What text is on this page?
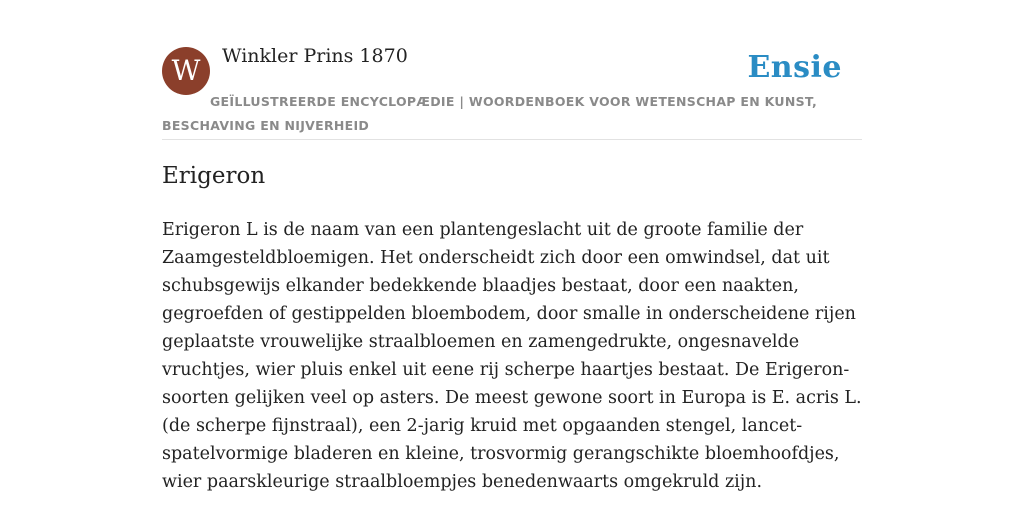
W	Winkler Prins 1870	Ensie
GEÏLLUSTREERDE ENCYCLOPÆDIE | WOORDENBOEK VOOR WETENSCHAP EN KUNST, BESCHAVING EN NIJVERHEID
Erigeron

Erigeron L is de naam van een plantengeslacht uit de groote familie der Zaamgesteldbloemigen. Het onderscheidt zich door een omwindsel, dat uit schubsgewijs elkander bedekkende blaadjes bestaat, door een naakten, gegroefden of gestippelden bloembodem, door smalle in onderscheidene rijen geplaatste vrouwelijke straalbloemen en zamengedrukte, ongesnavelde vruchtjes, wier pluis enkel uit eene rij scherpe haartjes bestaat. De Erigeron-soorten gelijken veel op asters. De meest gewone soort in Europa is E. acris L. (de scherpe fijnstraal), een 2-jarig kruid met opgaanden stengel, lancet-spatelvormige bladeren en kleine, trosvormig gerangschikte bloemhoofdjes, wier paarskleurige straalbloempjes benedenwaarts omgekruld zijn.
